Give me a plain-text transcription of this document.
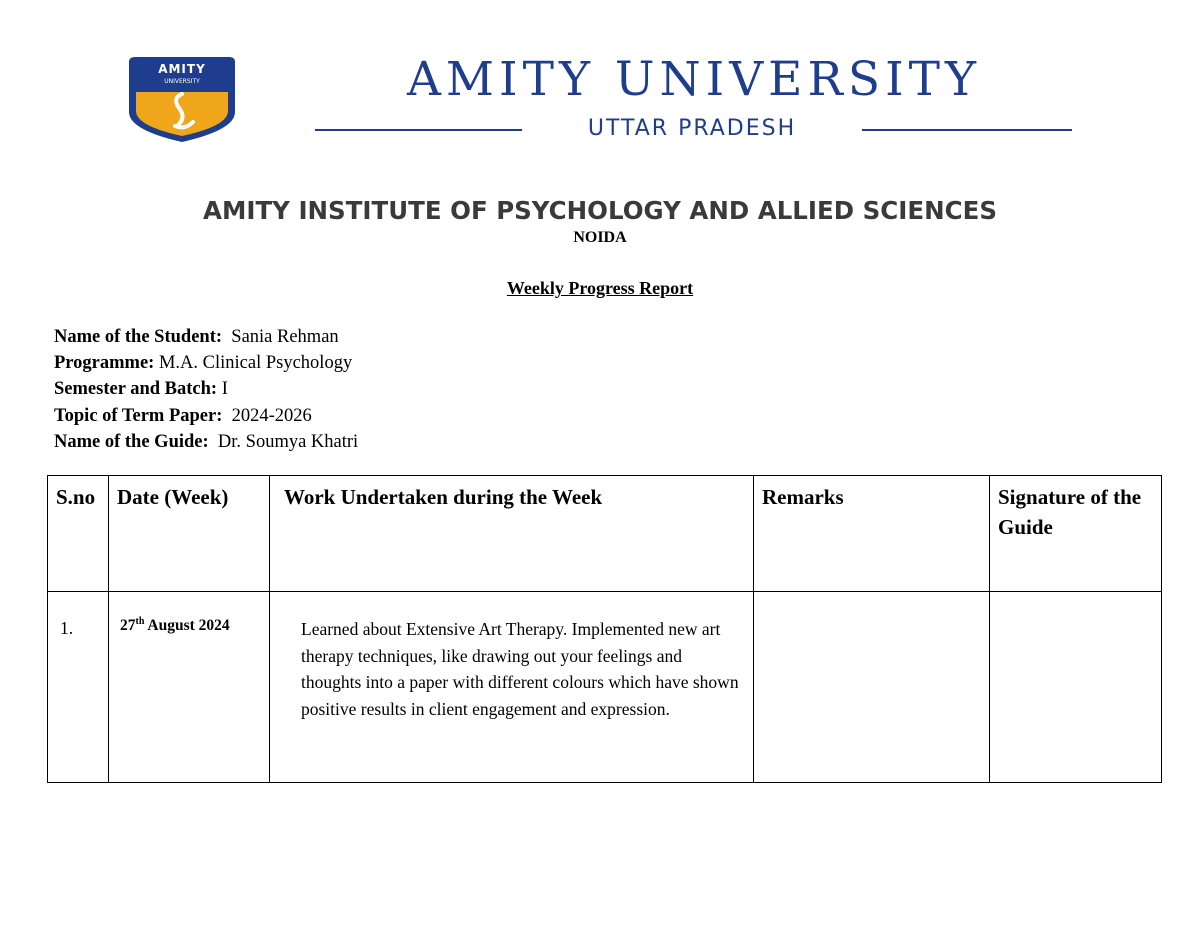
AMITY
UNIVERSITY	AMITY UNIVERSITY
UTTAR PRADESH
AMITY INSTITUTE OF PSYCHOLOGY AND ALLIED SCIENCES
NOIDA
Weekly Progress Report
Name of the Student: Sania Rehman
Programme: M.A. Clinical Psychology
Semester and Batch: I
Topic of Term Paper: 2024-2026
Name of the Guide: Dr. Soumya Khatri
S.no	Date (Week)	Work Undertaken during the Week	Remarks	Signature of the Guide
1.	27th August 2024	Learned about Extensive Art Therapy. Implemented new art therapy techniques, like drawing out your feelings and thoughts into a paper with different colours which have shown positive results in client engagement and expression.		
